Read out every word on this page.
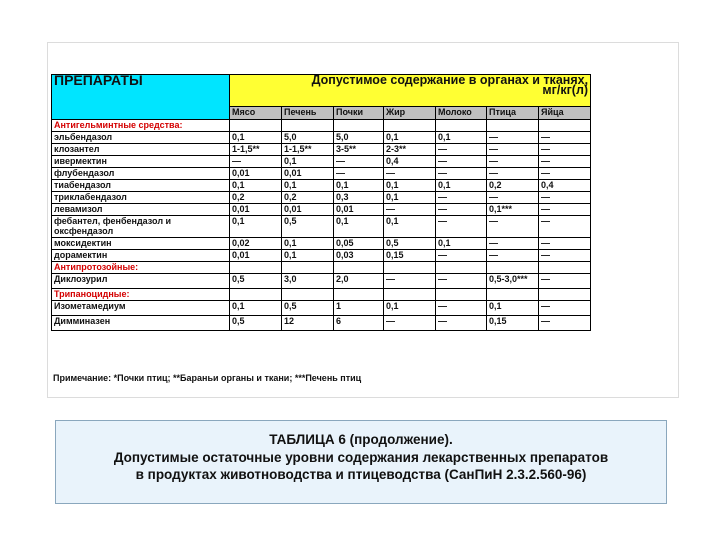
ПРЕПАРАТЫ	Допустимое содержание в органах и тканях,
мг/кг(л)						

	Мясо	Печень	Почки	Жир	Молоко	Птица	Яйца
Антигельминтные средства:							

эльбендазол	0,1	5,0	5,0	0,1	0,1	—	—

клозантел	1-1,5**	1-1,5**	3-5**	2-3**	—	—	—

ивермектин	—	0,1	—	0,4	—	—	—

флубендазол	0,01	0,01	—	—	—	—	—

тиабендазол	0,1	0,1	0,1	0,1	0,1	0,2	0,4

триклабендазол	0,2	0,2	0,3	0,1	—	—	—

левамизол	0,01	0,01	0,01	—	—	0,1***	—

фебантел, фенбендазол и
оксфендазол	0,1	0,5	0,1	0,1	—	—	—

моксидектин	0,02	0,1	0,05	0,5	0,1	—	—

дорамектин	0,01	0,1	0,03	0,15	—	—	—
Антипротозойные:							

Диклозурил	0,5	3,0	2,0	—	—	0,5-3,0***	—
Трипаноцидные:							

Изометамедиум	0,1	0,5	1	0,1	—	0,1	—

Димминазен	0,5	12	6	—	—	0,15	—
Примечание: *Почки птиц; **Бараньи органы и ткани; ***Печень птиц
ТАБЛИЦА 6 (продолжение).
Допустимые остаточные уровни содержания лекарственных препаратов
в продуктах животноводства и птицеводства (СанПиН 2.3.2.560-96)
